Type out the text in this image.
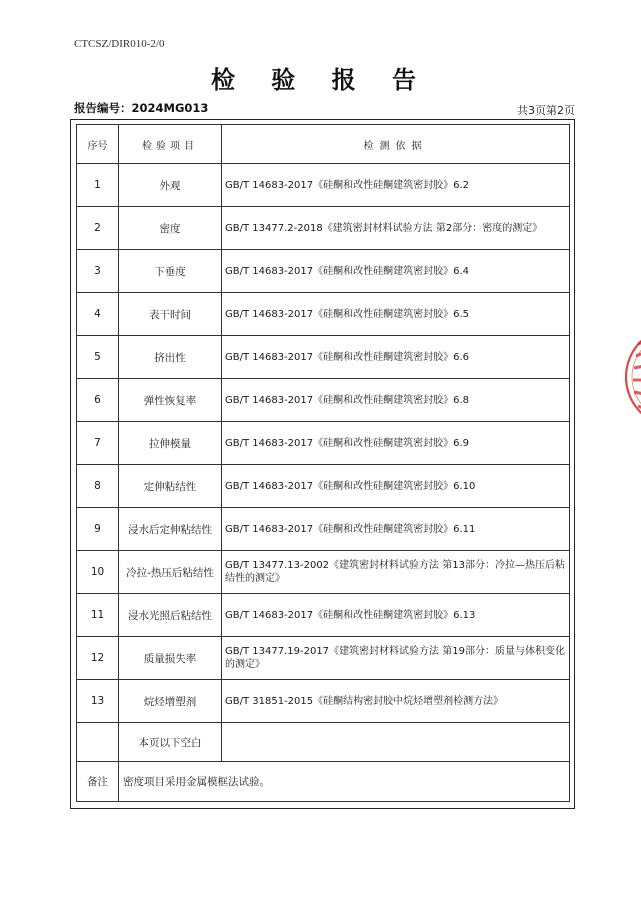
CTCSZ/DIR010-2/0
检 验 报 告
报告编号：2024MG013	共3页第2页
序号	检验项目	检测依据
1	外观	GB/T 14683-2017《硅酮和改性硅酮建筑密封胶》6.2
2	密度	GB/T 13477.2-2018《建筑密封材料试验方法 第2部分：密度的测定》
3	下垂度	GB/T 14683-2017《硅酮和改性硅酮建筑密封胶》6.4
4	表干时间	GB/T 14683-2017《硅酮和改性硅酮建筑密封胶》6.5
5	挤出性	GB/T 14683-2017《硅酮和改性硅酮建筑密封胶》6.6
6	弹性恢复率	GB/T 14683-2017《硅酮和改性硅酮建筑密封胶》6.8
7	拉伸模量	GB/T 14683-2017《硅酮和改性硅酮建筑密封胶》6.9
8	定伸粘结性	GB/T 14683-2017《硅酮和改性硅酮建筑密封胶》6.10
9	浸水后定伸粘结性	GB/T 14683-2017《硅酮和改性硅酮建筑密封胶》6.11
10	冷拉-热压后粘结性	GB/T 13477.13-2002《建筑密封材料试验方法 第13部分：冷拉—热压后粘结性的测定》
11	浸水光照后粘结性	GB/T 14683-2017《硅酮和改性硅酮建筑密封胶》6.13
12	质量损失率	GB/T 13477.19-2017《建筑密封材料试验方法 第19部分：质量与体积变化的测定》
13	烷烃增塑剂	GB/T 31851-2015《硅酮结构密封胶中烷烃增塑剂检测方法》
	本页以下空白	
备注	密度项目采用金属模框法试验。	
